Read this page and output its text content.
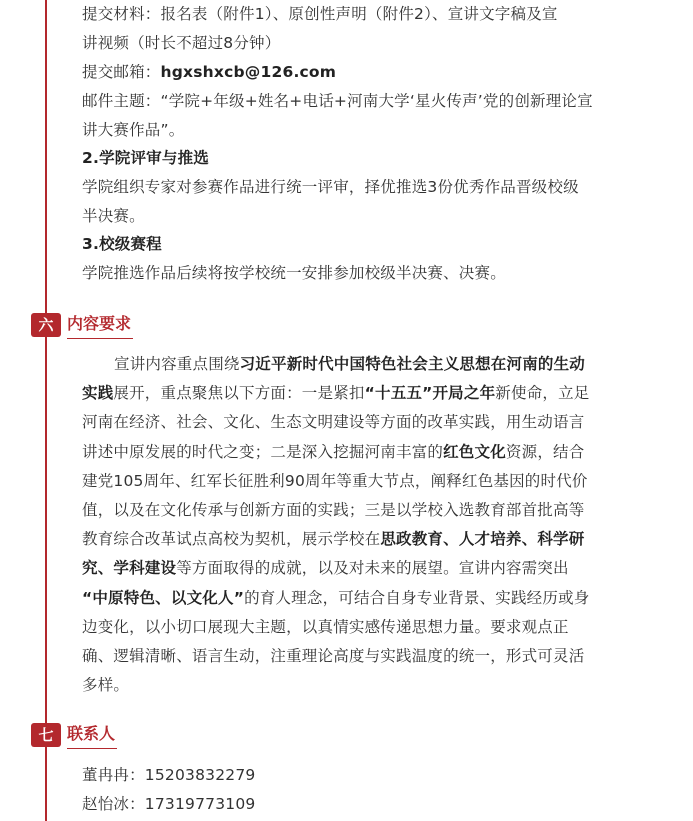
提交材料：报名表（附件1）、原创性声明（附件2）、宣讲文字稿及宣
讲视频（时长不超过8分钟）
提交邮箱：hgxshxcb@126.com
邮件主题：“学院+年级+姓名+电话+河南大学‘星火传声’党的创新理论宣
讲大赛作品”。
2.学院评审与推选
学院组织专家对参赛作品进行统一评审，择优推选3份优秀作品晋级校级
半决赛。
3.校级赛程
学院推选作品后续将按学校统一安排参加校级半决赛、决赛。
六 内容要求
宣讲内容重点围绕习近平新时代中国特色社会主义思想在河南的生动
实践展开，重点聚焦以下方面：一是紧扣“十五五”开局之年新使命，立足
河南在经济、社会、文化、生态文明建设等方面的改革实践，用生动语言
讲述中原发展的时代之变；二是深入挖掘河南丰富的红色文化资源，结合
建党105周年、红军长征胜利90周年等重大节点，阐释红色基因的时代价
值，以及在文化传承与创新方面的实践；三是以学校入选教育部首批高等
教育综合改革试点高校为契机，展示学校在思政教育、人才培养、科学研
究、学科建设等方面取得的成就，以及对未来的展望。宣讲内容需突出
“中原特色、以文化人”的育人理念，可结合自身专业背景、实践经历或身
边变化，以小切口展现大主题，以真情实感传递思想力量。要求观点正
确、逻辑清晰、语言生动，注重理论高度与实践温度的统一，形式可灵活
多样。
七 联系人
董冉冉：15203832279
赵怡冰：17319773109
